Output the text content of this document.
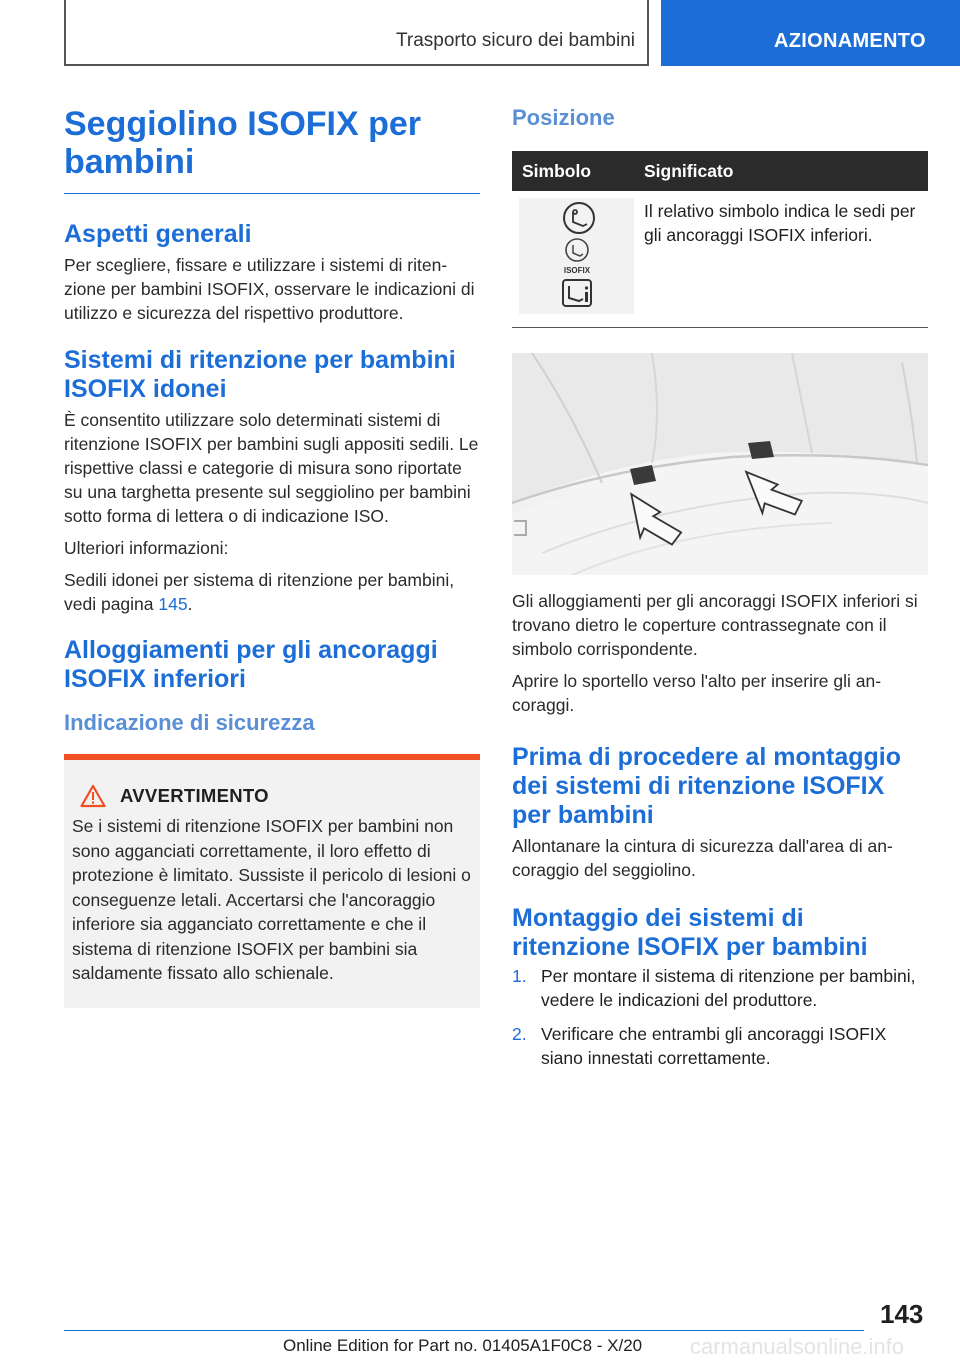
Trasporto sicuro dei bambini	AZIONAMENTO
Seggiolino ISOFIX per bambini
Aspetti generali

Per scegliere, fissare e utilizzare i sistemi di ritenzione per bambini ISOFIX, osservare le indicazioni di utilizzo e sicurezza del rispettivo produttore.

Sistemi di ritenzione per bambini ISOFIX idonei

È consentito utilizzare solo determinati sistemi di ritenzione ISOFIX per bambini sugli appositi sedili. Le rispettive classi e categorie di misura sono riportate su una targhetta presente sul seggiolino per bambini sotto forma di lettera o di indicazione ISO.

Ulteriori informazioni:

Sedili idonei per sistema di ritenzione per bambini, vedi pagina 145.

Alloggiamenti per gli ancoraggi ISOFIX inferiori
Indicazione di sicurezza
AVVERTIMENTO

Se i sistemi di ritenzione ISOFIX per bambini non sono agganciati correttamente, il loro effetto di protezione è limitato. Sussiste il pericolo di lesioni o conseguenze letali. Accertarsi che l'ancoraggio inferiore sia agganciato correttamente e che il sistema di ritenzione ISOFIX per bambini sia saldamente fissato allo schienale.

Posizione
Simbolo	Significato

ISOFIX	Il relativo simbolo indica le sedi per gli ancoraggi ISOFIX inferiori.

Gli alloggiamenti per gli ancoraggi ISOFIX inferiori si trovano dietro le coperture contrassegnate con il simbolo corrispondente.

Aprire lo sportello verso l'alto per inserire gli ancoraggi.

Prima di procedere al montaggio dei sistemi di ritenzione ISOFIX per bambini

Allontanare la cintura di sicurezza dall'area di ancoraggio del seggiolino.

Montaggio dei sistemi di ritenzione ISOFIX per bambini
1. Per montare il sistema di ritenzione per bambini, vedere le indicazioni del produttore.
2. Verificare che entrambi gli ancoraggi ISOFIX siano innestati correttamente.
143
Online Edition for Part no. 01405A1F0C8 - X/20 carmanualsonline.info
